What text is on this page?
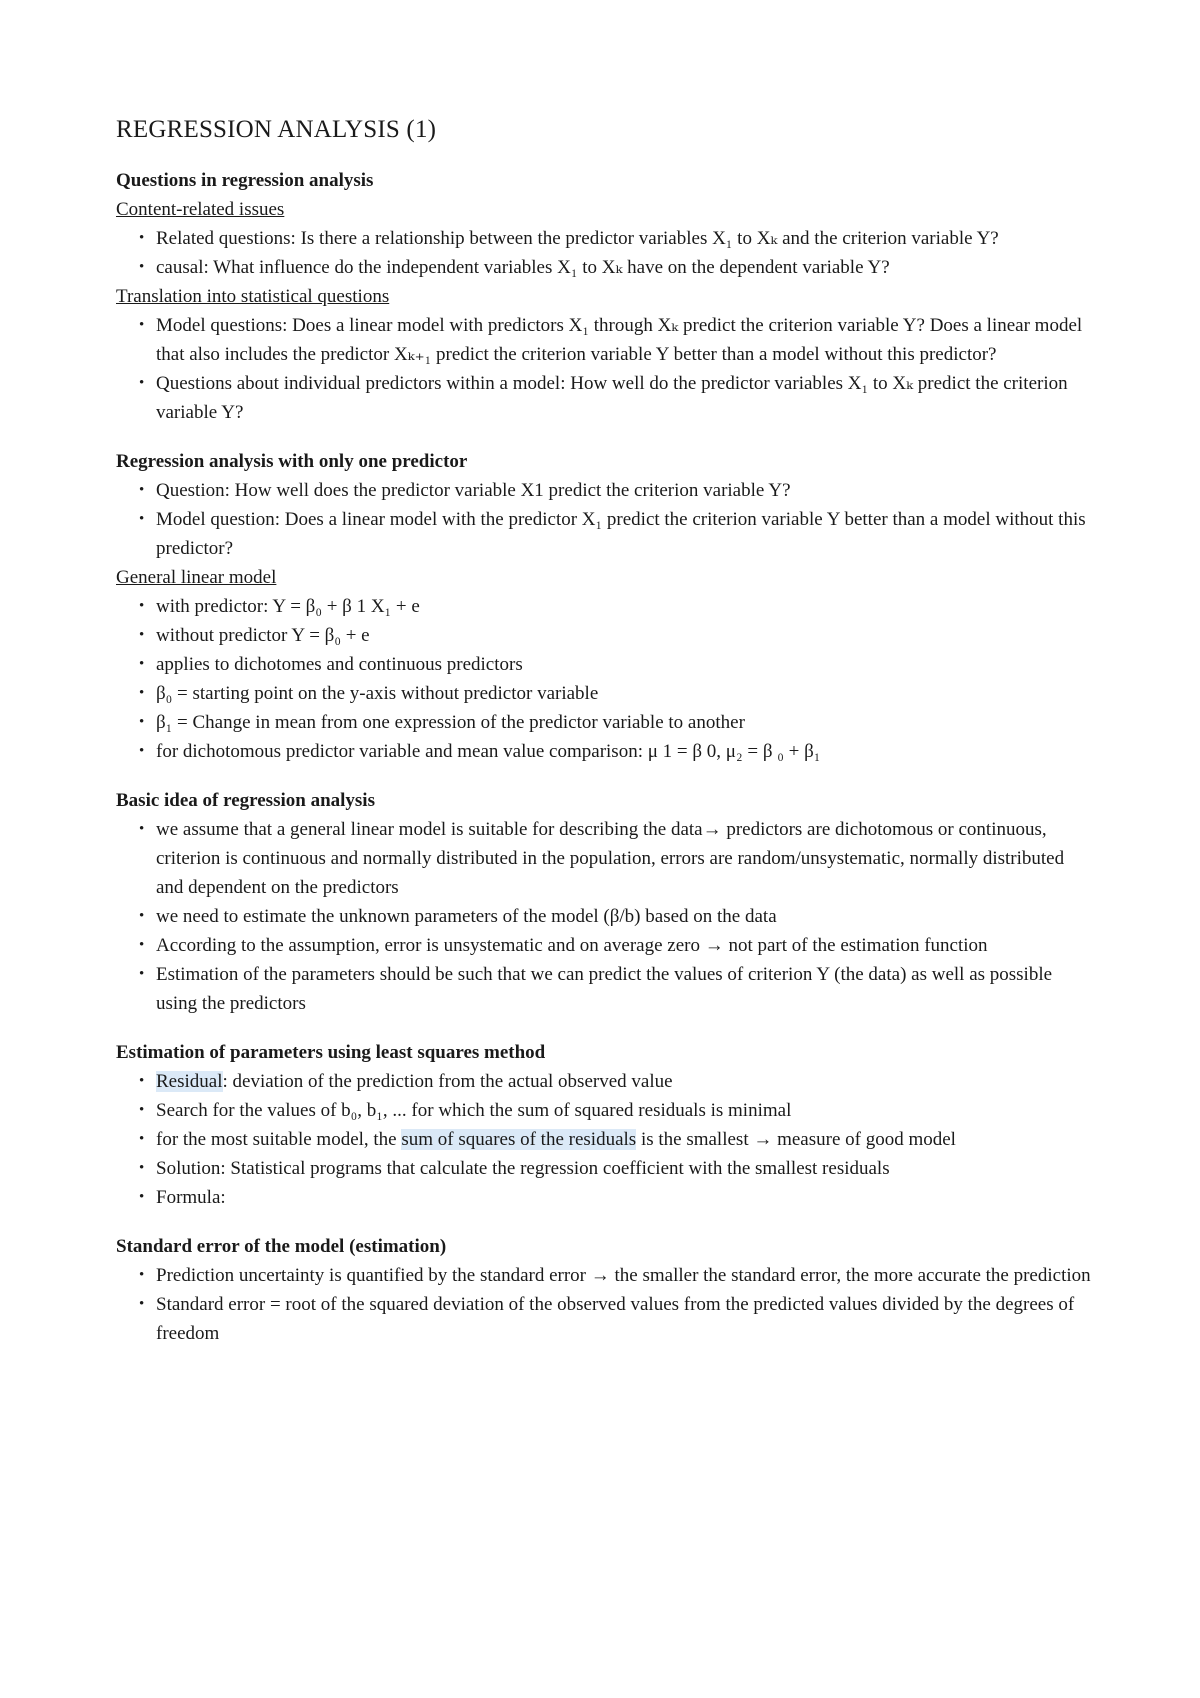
REGRESSION ANALYSIS (1)

Questions in regression analysis

Content-related issues

• Related questions: Is there a relationship between the predictor variables X₁ to Xₖ and the criterion variable Y?
• causal: What influence do the independent variables X₁ to Xₖ have on the dependent variable Y?

Translation into statistical questions

• Model questions: Does a linear model with predictors X₁ through Xₖ predict the criterion variable Y? Does a linear model that also includes the predictor Xₖ₊₁ predict the criterion variable Y better than a model without this predictor?
• Questions about individual predictors within a model: How well do the predictor variables X₁ to Xₖ predict the criterion variable Y?

Regression analysis with only one predictor

• Question: How well does the predictor variable X1 predict the criterion variable Y?
• Model question: Does a linear model with the predictor X₁ predict the criterion variable Y better than a model without this predictor?

General linear model

• with predictor: Y = β₀ + β 1 X₁ + e
• without predictor Y = β₀ + e
• applies to dichotomes and continuous predictors
• β₀ = starting point on the y-axis without predictor variable
• β₁ = Change in mean from one expression of the predictor variable to another
• for dichotomous predictor variable and mean value comparison: μ 1 = β 0, μ₂ = β ₀ + β₁

Basic idea of regression analysis

• we assume that a general linear model is suitable for describing the data→ predictors are dichotomous or continuous, criterion is continuous and normally distributed in the population, errors are random/unsystematic, normally distributed and dependent on the predictors
• we need to estimate the unknown parameters of the model (β/b) based on the data
• According to the assumption, error is unsystematic and on average zero → not part of the estimation function
• Estimation of the parameters should be such that we can predict the values of criterion Y (the data) as well as possible using the predictors

Estimation of parameters using least squares method

• Residual: deviation of the prediction from the actual observed value
• Search for the values of b₀, b₁, ... for which the sum of squared residuals is minimal
• for the most suitable model, the sum of squares of the residuals is the smallest → measure of good model
• Solution: Statistical programs that calculate the regression coefficient with the smallest residuals
• Formula:

Standard error of the model (estimation)

• Prediction uncertainty is quantified by the standard error → the smaller the standard error, the more accurate the prediction
• Standard error = root of the squared deviation of the observed values from the predicted values divided by the degrees of freedom
